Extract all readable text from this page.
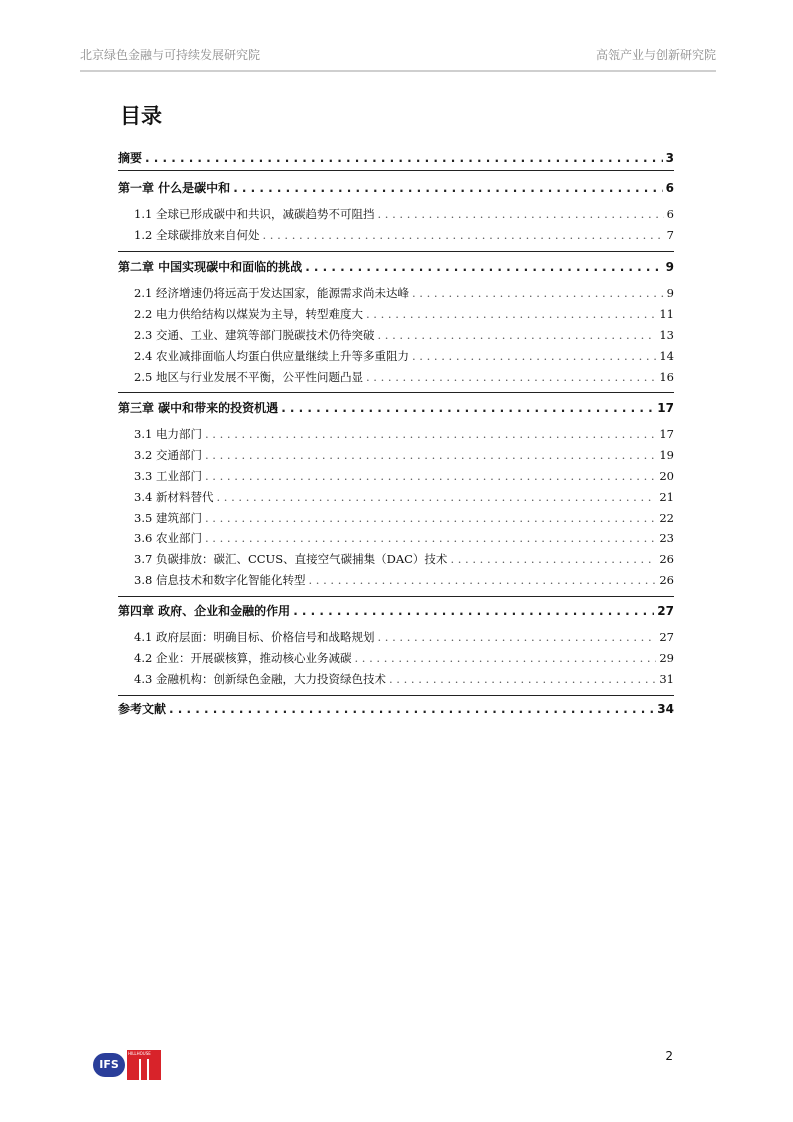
北京绿色金融与可持续发展研究院	高瓴产业与创新研究院
目录
摘要 . . .	3
第一章 什么是碳中和 . . .	6
1.1 全球已形成碳中和共识，减碳趋势不可阻挡 . . .	6
1.2 全球碳排放来自何处 . . .	7
第二章 中国实现碳中和面临的挑战 . . .	9
2.1 经济增速仍将远高于发达国家，能源需求尚未达峰 . . .	9
2.2 电力供给结构以煤炭为主导，转型难度大 . . .	11
2.3 交通、工业、建筑等部门脱碳技术仍待突破 . . .	13
2.4 农业减排面临人均蛋白供应量继续上升等多重阻力 . . .	14
2.5 地区与行业发展不平衡，公平性问题凸显 . . .	16
第三章 碳中和带来的投资机遇 . . .	17
3.1 电力部门 . . .	17
3.2 交通部门 . . .	19
3.3 工业部门 . . .	20
3.4 新材料替代 . . .	21
3.5 建筑部门 . . .	22
3.6 农业部门 . . .	23
3.7 负碳排放：碳汇、CCUS、直接空气碳捕集（DAC）技术 . . .	26
3.8 信息技术和数字化智能化转型 . . .	26
第四章 政府、企业和金融的作用 . . .	27
4.1 政府层面：明确目标、价格信号和战略规划 . . .	27
4.2 企业：开展碳核算，推动核心业务减碳 . . .	29
4.3 金融机构：创新绿色金融，大力投资绿色技术 . . .	31
参考文献 . . .	34
IFS
HILLHOUSE	2
